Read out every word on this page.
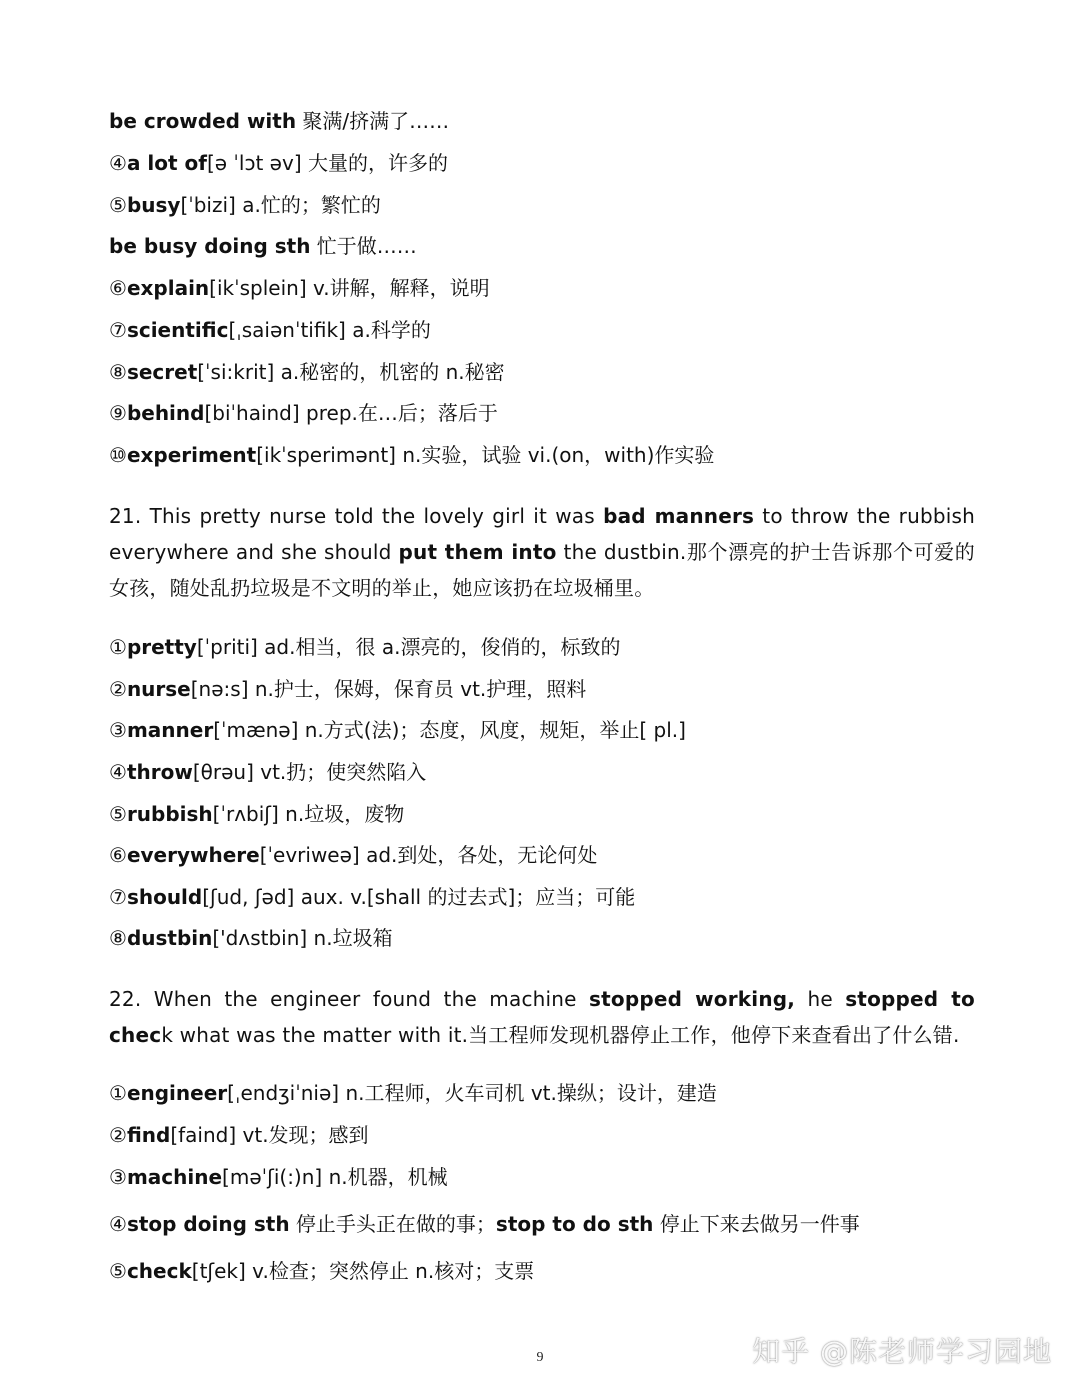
be crowded with 聚满/挤满了……
④a lot of[ə ˈlɔt əv] 大量的，许多的
⑤busy[ˈbizi] a.忙的；繁忙的
be busy doing sth 忙于做……
⑥explain[ikˈsplein] v.讲解，解释，说明
⑦scientific[ˌsaiənˈtifik] a.科学的
⑧secret[ˈsi:krit] a.秘密的，机密的 n.秘密
⑨behind[biˈhaind] prep.在…后；落后于
⑩experiment[ikˈsperimənt] n.实验，试验 vi.(on，with)作实验
21. This pretty nurse told the lovely girl it was bad manners to throw the rubbish everywhere and she should put them into the dustbin.那个漂亮的护士告诉那个可爱的女孩，随处乱扔垃圾是不文明的举止，她应该扔在垃圾桶里。
①pretty[ˈpriti] ad.相当，很 a.漂亮的，俊俏的，标致的
②nurse[nə:s] n.护士，保姆，保育员 vt.护理，照料
③manner[ˈmænə] n.方式(法)；态度，风度，规矩，举止[ pl.]
④throw[θrəu] vt.扔；使突然陷入
⑤rubbish[ˈrʌbiʃ] n.垃圾，废物
⑥everywhere[ˈevriweə] ad.到处，各处，无论何处
⑦should[ʃud, ʃəd] aux. v.[shall 的过去式]；应当；可能
⑧dustbin['dʌstbin] n.垃圾箱
22. When the engineer found the machine stopped working, he stopped to check what was the matter with it.当工程师发现机器停止工作，他停下来查看出了什么错.
①engineer[ˌendʒiˈniə] n.工程师，火车司机 vt.操纵；设计，建造
②find[faind] vt.发现；感到
③machine[məˈʃi(:)n] n.机器，机械
④stop doing sth 停止手头正在做的事；stop to do sth 停止下来去做另一件事
⑤check[tʃek] v.检查；突然停止 n.核对；支票
9	知乎 @陈老师学习园地
